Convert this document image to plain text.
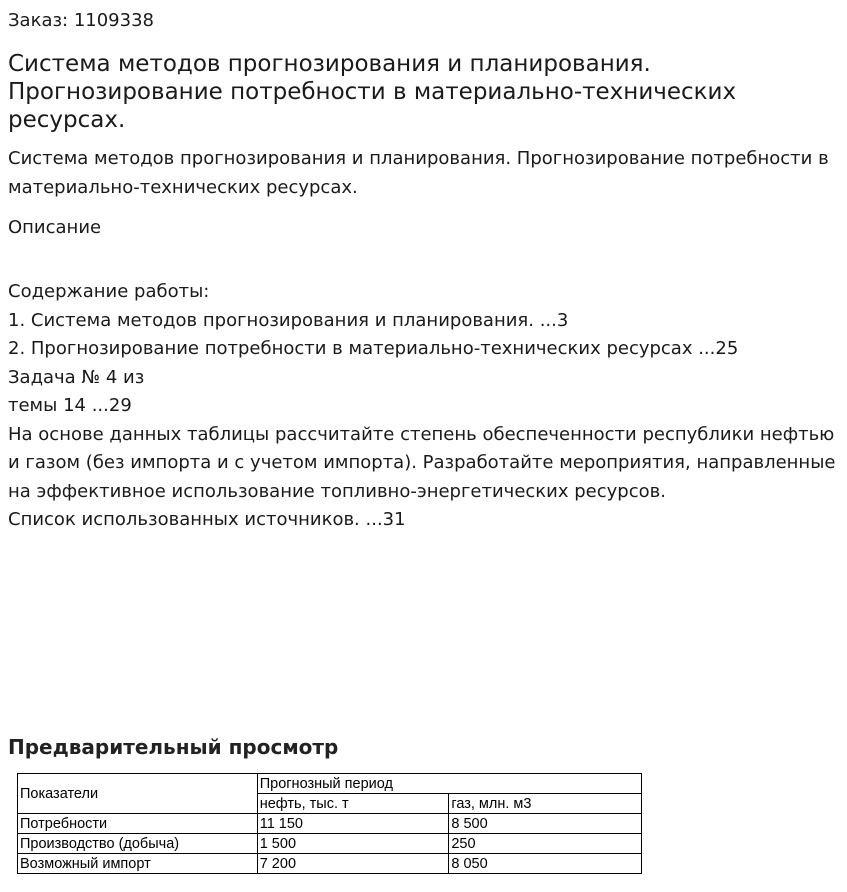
Заказ: 1109338
Система методов прогнозирования и планирования. Прогнозирование потребности в материально-технических ресурсах.

Система методов прогнозирования и планирования. Прогнозирование потребности в материально-технических ресурсах.

Описание
Содержание работы:
1. Система методов прогнозирования и планирования. ...3
2. Прогнозирование потребности в материально-технических ресурсах ...25
Задача № 4 из
темы 14 ...29
На основе данных таблицы рассчитайте степень обеспеченности республики нефтью и газом (без импорта и с учетом импорта). Разработайте мероприятия, направленные на эффективное использование топливно-энергетических ресурсов.
Список использованных источников. ...31
Предварительный просмотр
Показатели	Прогнозный период	
	нефть, тыс. т	газ, млн. м3
Потребности	11 150	8 500
Производство (добыча)	1 500	250
Возможный импорт	7 200	8 050
